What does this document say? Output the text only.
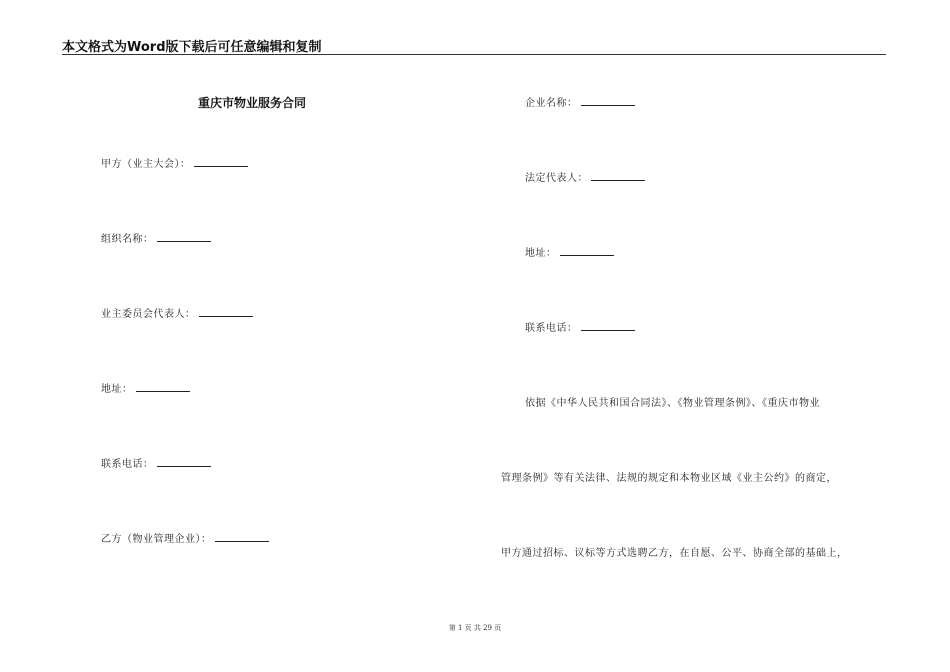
本文格式为Word版下载后可任意编辑和复制
重庆市物业服务合同
甲方（业主大会）：
组织名称：
业主委员会代表人：
地址：
联系电话：
乙方（物业管理企业）：
企业名称：
法定代表人：
地址：
联系电话：
依据《中华人民共和国合同法》、《物业管理条例》、《重庆市物业
管理条例》等有关法律、法规的规定和本物业区域《业主公约》的商定，
甲方通过招标、议标等方式选聘乙方，在自愿、公平、协商全部的基础上，
第 1 页 共 29 页
